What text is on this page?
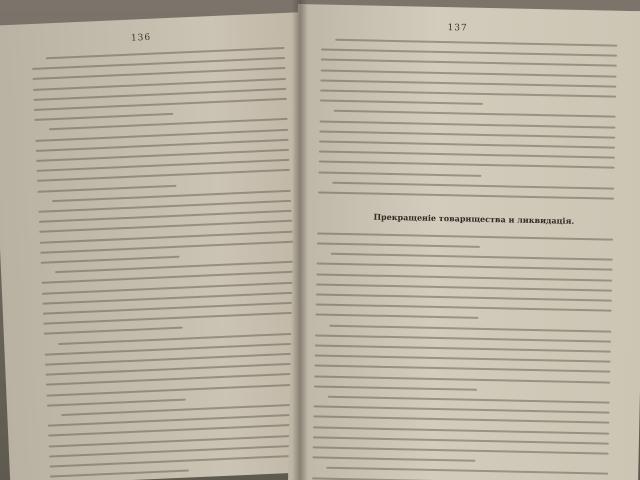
136
137
Прекращеніе товарищества и ликвидація.
